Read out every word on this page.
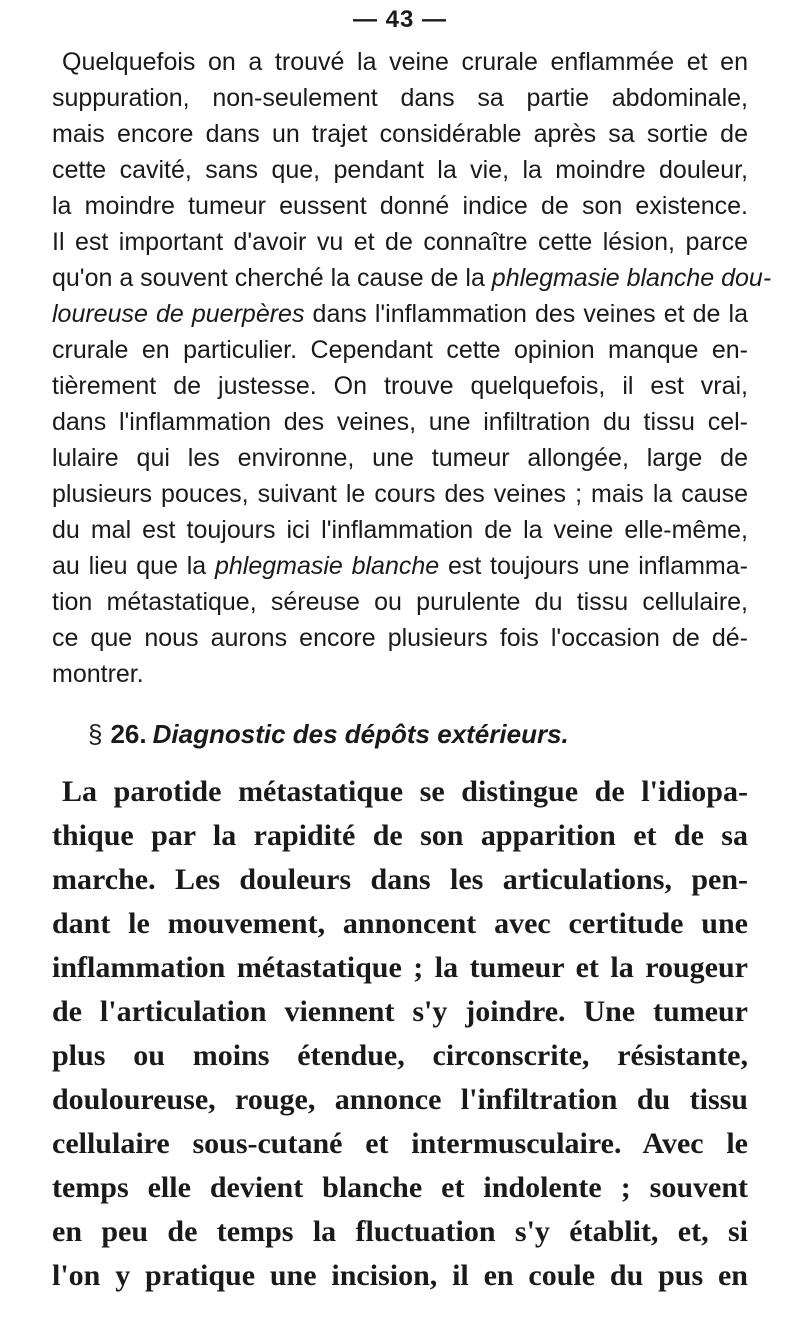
— 43 —
Quelquefois on a trouvé la veine crurale enflammée et en
suppuration, non-seulement dans sa partie abdominale,
mais encore dans un trajet considérable après sa sortie de
cette cavité, sans que, pendant la vie, la moindre douleur,
la moindre tumeur eussent donné indice de son existence.
Il est important d'avoir vu et de connaître cette lésion, parce
qu'on a souvent cherché la cause de la phlegmasie blanche dou-
loureuse de puerpères dans l'inflammation des veines et de la
crurale en particulier. Cependant cette opinion manque en-
tièrement de justesse. On trouve quelquefois, il est vrai,
dans l'inflammation des veines, une infiltration du tissu cel-
lulaire qui les environne, une tumeur allongée, large de
plusieurs pouces, suivant le cours des veines ; mais la cause
du mal est toujours ici l'inflammation de la veine elle-même,
au lieu que la phlegmasie blanche est toujours une inflamma-
tion métastatique, séreuse ou purulente du tissu cellulaire,
ce que nous aurons encore plusieurs fois l'occasion de dé-
montrer.
§ 26. Diagnostic des dépôts extérieurs.
La parotide métastatique se distingue de l'idiopa-
thique par la rapidité de son apparition et de sa
marche. Les douleurs dans les articulations, pen-
dant le mouvement, annoncent avec certitude une
inflammation métastatique ; la tumeur et la rougeur
de l'articulation viennent s'y joindre. Une tumeur
plus ou moins étendue, circonscrite, résistante,
douloureuse, rouge, annonce l'infiltration du tissu
cellulaire sous-cutané et intermusculaire. Avec le
temps elle devient blanche et indolente ; souvent
en peu de temps la fluctuation s'y établit, et, si
l'on y pratique une incision, il en coule du pus en
